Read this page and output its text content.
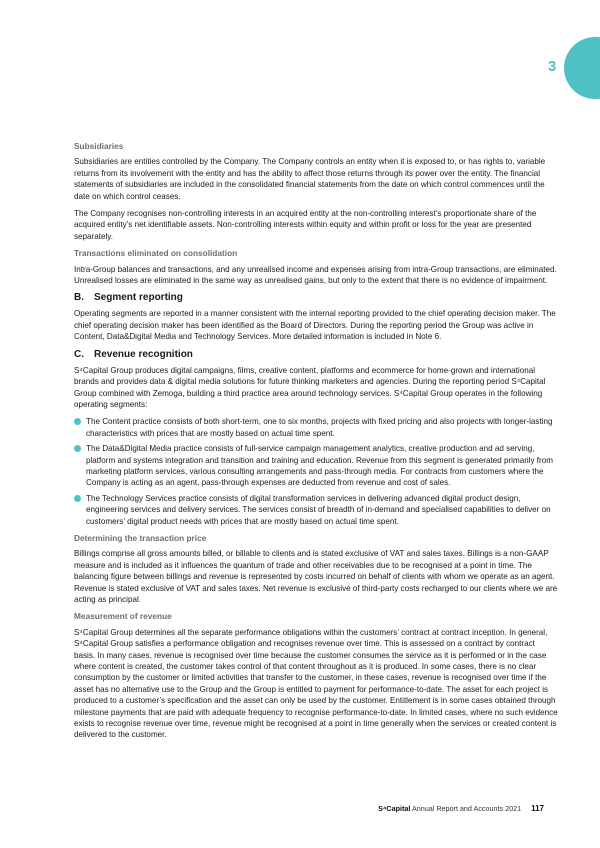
3
Subsidiaries

Subsidiaries are entities controlled by the Company. The Company controls an entity when it is exposed to, or has rights to, variable returns from its involvement with the entity and has the ability to affect those returns through its power over the entity. The financial statements of subsidiaries are included in the consolidated financial statements from the date on which control commences until the date on which control ceases.

The Company recognises non-controlling interests in an acquired entity at the non-controlling interest’s proportionate share of the acquired entity’s net identifiable assets. Non-controlling interests within equity and within profit or loss for the year are presented separately.

Transactions eliminated on consolidation

Intra-Group balances and transactions, and any unrealised income and expenses arising from intra-Group transactions, are eliminated. Unrealised losses are eliminated in the same way as unrealised gains, but only to the extent that there is no evidence of impairment.

B. Segment reporting

Operating segments are reported in a manner consistent with the internal reporting provided to the chief operating decision maker. The chief operating decision maker has been identified as the Board of Directors. During the reporting period the Group was active in Content, Data&Digital Media and Technology Services. More detailed information is included in Note 6.

C. Revenue recognition

S⁴Capital Group produces digital campaigns, films, creative content, platforms and ecommerce for home-grown and international brands and provides data & digital media solutions for future thinking marketers and agencies. During the reporting period S⁴Capital Group combined with Zemoga, building a third practice area around technology services. S⁴Capital Group operates in the following operating segments:

The Content practice consists of both short-term, one to six months, projects with fixed pricing and also projects with longer-lasting characteristics with prices that are mostly based on actual time spent.
The Data&Digital Media practice consists of full-service campaign management analytics, creative production and ad serving, platform and systems integration and transition and training and education. Revenue from this segment is generated primarily from marketing platform services, various consulting arrangements and pass-through media. For contracts from customers where the Company is acting as an agent, pass-through expenses are deducted from revenue and cost of sales.
The Technology Services practice consists of digital transformation services in delivering advanced digital product design, engineering services and delivery services. The services consist of breadth of in-demand and specialised capabilities to deliver on customers’ digital product needs with prices that are mostly based on actual time spent.
Determining the transaction price

Billings comprise all gross amounts billed, or billable to clients and is stated exclusive of VAT and sales taxes. Billings is a non-GAAP measure and is included as it influences the quantum of trade and other receivables due to be recognised at a point in time. The balancing figure between billings and revenue is represented by costs incurred on behalf of clients with whom we operate as an agent. Revenue is stated exclusive of VAT and sales taxes. Net revenue is exclusive of third-party costs recharged to our clients where we are acting as principal.

Measurement of revenue

S⁴Capital Group determines all the separate performance obligations within the customers’ contract at contract inception. In general, S⁴Capital Group satisfies a performance obligation and recognises revenue over time. This is assessed on a contract by contract basis. In many cases, revenue is recognised over time because the customer consumes the service as it is performed or in the case where content is created, the customer takes control of that content throughout as it is produced. In some cases, there is no clear consumption by the customer or limited activities that transfer to the customer, in these cases, revenue is recognised over time if the asset has no alternative use to the Group and the Group is entitled to payment for performance-to-date. The asset for each project is produced to a customer’s specification and the asset can only be used by the customer. Entitlement is in some cases obtained through milestone payments that are paid with adequate frequency to recognise performance-to-date. In limited cases, where no such evidence exists to recognise revenue over time, revenue might be recognised at a point in time generally when the services or created content is delivered to the customer.

S⁴Capital Annual Report and Accounts 2021 117
